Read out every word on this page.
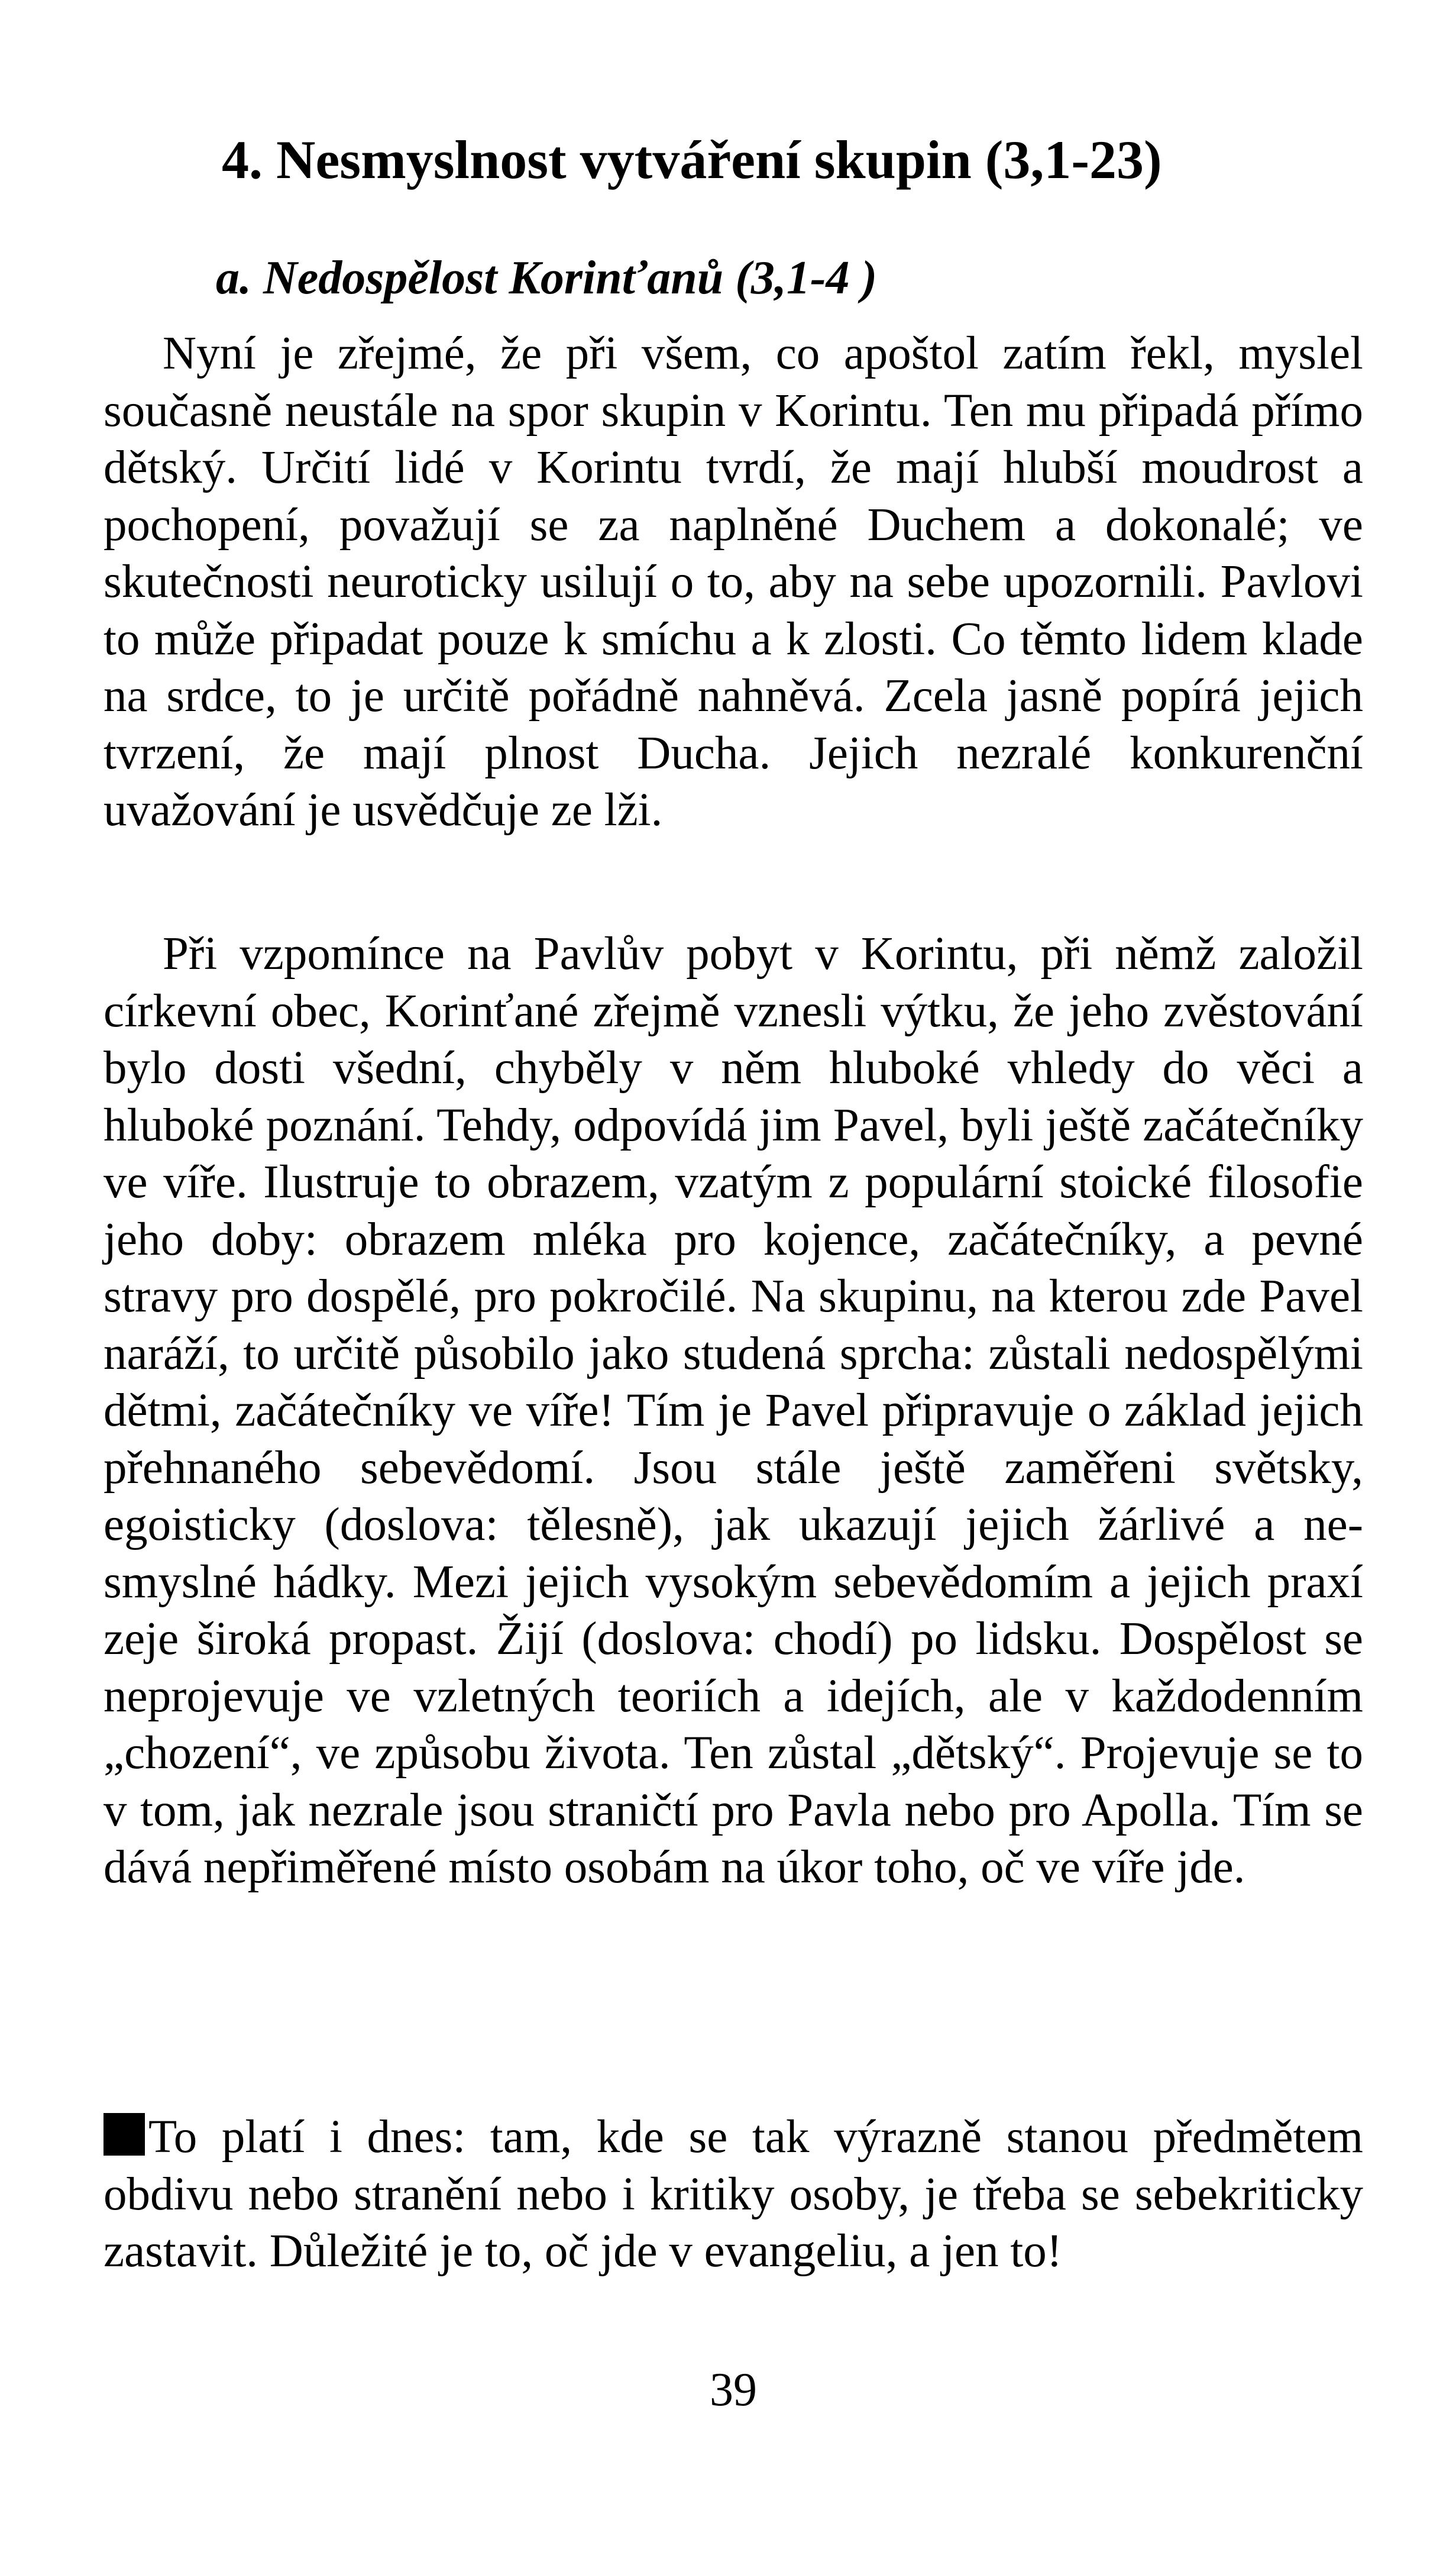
4. Nesmyslnost vytváření skupin (3,1-23)
a. Nedospělost Korinťanů (3,1-4 )

Nyní je zřejmé, že při všem, co apoštol zatím řekl, myslel současně neustále na spor skupin v Korintu. Ten mu připadá přímo dětský. Určití lidé v Korintu tvrdí, že mají hlubší moudrost a pochopení, považují se za naplněné Duchem a dokonalé; ve skutečnosti neuroticky usilují o to, aby na sebe upozornili. Pavlovi to může připadat pouze k smíchu a k zlosti. Co těmto lidem klade na srdce, to je určitě pořádně nahněvá. Zcela jasně popírá jejich tvrzení, že mají plnost Ducha. Jejich nezralé konkurenční uvažování je usvědčuje ze lži.

Při vzpomínce na Pavlův pobyt v Korintu, při němž založil církevní obec, Korinťané zřejmě vznesli výtku, že jeho zvěstování bylo dosti všední, chyběly v něm hluboké vhledy do věci a hluboké poznání. Tehdy, odpovídá jim Pavel, byli ještě začátečníky ve víře. Ilustruje to obrazem, vzatým z populární stoické filosofie jeho doby: obrazem mléka pro kojence, začátečníky, a pevné stravy pro dospělé, pro pokročilé. Na skupinu, na kterou zde Pavel naráží, to určitě působilo jako studená sprcha: zůstali nedospělými dětmi, začátečníky ve víře! Tím je Pavel připravuje o základ jejich přehnaného sebevědomí. Jsou stále ještě zaměřeni světsky, egoisticky (doslova: tělesně), jak ukazují jejich žárlivé a nesmyslné hádky. Mezi jejich vysokým sebevědomím a jejich praxí zeje široká propast. Žijí (doslova: chodí) po lidsku. Dospělost se neprojevuje ve vzletných teoriích a idejích, ale v každodenním „chození“, ve způsobu života. Ten zůstal „dětský“. Projevuje se to v tom, jak nezrale jsou straničtí pro Pavla nebo pro Apolla. Tím se dává nepřiměřené místo osobám na úkor toho, oč ve víře jde.

To platí i dnes: tam, kde se tak výrazně stanou předmětem obdivu nebo stranění nebo i kritiky osoby, je třeba se sebekriticky zastavit. Důležité je to, oč jde v evangeliu, a jen to!

39
